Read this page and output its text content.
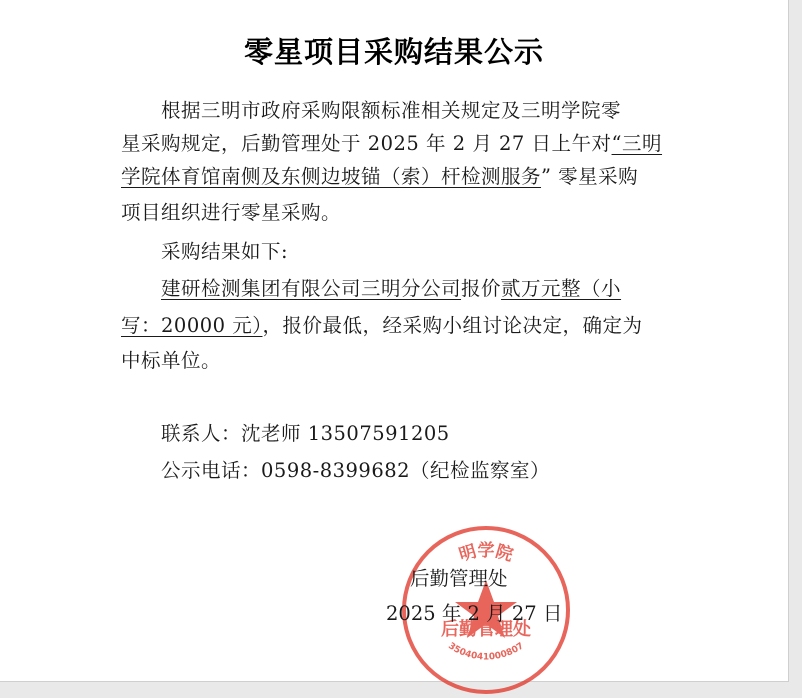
零星项目采购结果公示
根据三明市政府采购限额标准相关规定及三明学院零
星采购规定，后勤管理处于 2025 年 2 月 27 日上午对“三明
学院体育馆南侧及东侧边坡锚（索）杆检测服务” 零星采购
项目组织进行零星采购。
采购结果如下:
建研检测集团有限公司三明分公司报价贰万元整（小
写：20000 元），报价最低，经采购小组讨论决定，确定为
中标单位。
联系人：沈老师 13507591205
公示电话：0598-8399682（纪检监察室）
明学院
后勤管理处
3504041000807
后勤管理处
2025 年 2 月 27 日
